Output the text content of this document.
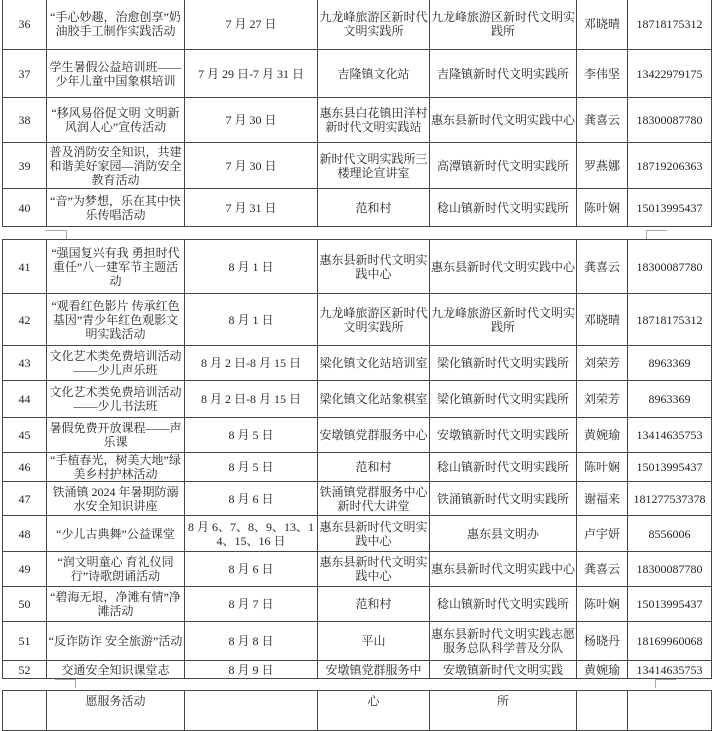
36	“手心妙趣，治愈创享”奶油胶手工制作实践活动	7 月 27 日	九龙峰旅游区新时代文明实践所	九龙峰旅游区新时代文明实践所	邓晓晴	18718175312
37	学生暑假公益培训班——少年儿童中国象棋培训	7 月 29 日-7 月 31 日	吉隆镇文化站	吉隆镇新时代文明实践所	李伟坚	13422979175
38	“移风易俗促文明 文明新风润人心”宣传活动	7 月 30 日	惠东县白花镇田洋村新时代文明实践站	惠东县新时代文明实践中心	龚喜云	18300087780
39	普及消防安全知识，共建和谐美好家园—消防安全教育活动	7 月 30 日	新时代文明实践所三楼理论宣讲室	高潭镇新时代文明实践所	罗燕娜	18719206363
40	“音”为梦想，乐在其中快乐传唱活动	7 月 31 日	范和村	稔山镇新时代文明实践所	陈叶娴	15013995437
41	“强国复兴有我 勇担时代重任”八一建军节主题活动	8 月 1 日	惠东县新时代文明实践中心	惠东县新时代文明实践中心	龚喜云	18300087780
42	“观看红色影片 传承红色基因”青少年红色观影文明实践活动	8 月 1 日	九龙峰旅游区新时代文明实践所	九龙峰旅游区新时代文明实践所	邓晓晴	18718175312
43	文化艺术类免费培训活动——少儿声乐班	8 月 2 日-8 月 15 日	梁化镇文化站培训室	梁化镇新时代文明实践所	刘荣芳	8963369
44	文化艺术类免费培训活动——少儿书法班	8 月 2 日-8 月 15 日	梁化镇文化站象棋室	梁化镇新时代文明实践所	刘荣芳	8963369
45	暑假免费开放课程——声乐课	8 月 5 日	安墩镇党群服务中心	安墩镇新时代文明实践所	黄婉瑜	13414635753
46	“手植春光，树美大地”绿美乡村护林活动	8 月 5 日	范和村	稔山镇新时代文明实践所	陈叶娴	15013995437
47	铁涌镇 2024 年暑期防溺水安全知识讲座	8 月 6 日	铁涌镇党群服务中心新时代大讲堂	铁涌镇新时代文明实践所	谢福来	181277537378
48	“少儿古典舞”公益课堂	8 月 6、7、8、9、13、14、15、16 日	惠东县新时代文明实践中心	惠东县文明办	卢宇妍	8556006
49	“润文明童心 育礼仪同行”诗歌朗诵活动	8 月 6 日	惠东县新时代文明实践中心	惠东县新时代文明实践中心	龚喜云	18300087780
50	“碧海无垠，净滩有情”净滩活动	8 月 7 日	范和村	稔山镇新时代文明实践所	陈叶娴	15013995437
51	“反诈防诈 安全旅游”活动	8 月 8 日	平山	惠东县新时代文明实践志愿服务总队科学普及分队	杨晓丹	18169960068
52	交通安全知识课堂志	8 月 9 日	安墩镇党群服务中	安墩镇新时代文明实践	黄婉瑜	13414635753
	愿服务活动		心	所		
